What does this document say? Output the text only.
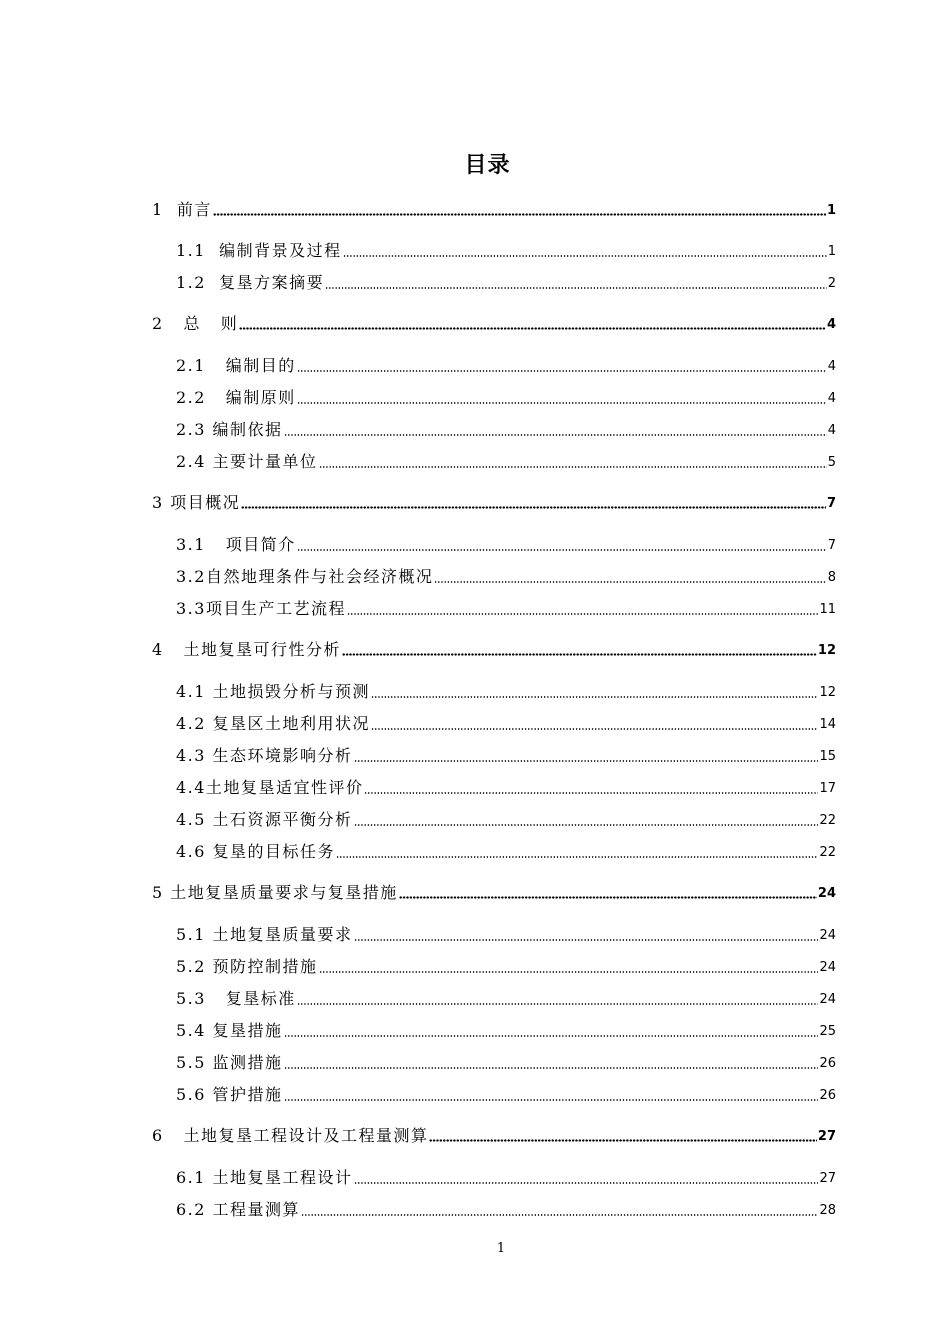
目录
1  前言	1
1.1  编制背景及过程	1
1.2  复垦方案摘要	2
2   总   则	4
2.1   编制目的	4
2.2   编制原则	4
2.3 编制依据	4
2.4 主要计量单位	5
3 项目概况	7
3.1   项目简介	7
3.2自然地理条件与社会经济概况	8
3.3项目生产工艺流程	11
4   土地复垦可行性分析	12
4.1 土地损毁分析与预测	12
4.2 复垦区土地利用状况	14
4.3 生态环境影响分析	15
4.4土地复垦适宜性评价	17
4.5 土石资源平衡分析	22
4.6 复垦的目标任务	22
5 土地复垦质量要求与复垦措施	24
5.1 土地复垦质量要求	24
5.2 预防控制措施	24
5.3   复垦标准	24
5.4 复垦措施	25
5.5 监测措施	26
5.6 管护措施	26
6   土地复垦工程设计及工程量测算	27
6.1 土地复垦工程设计	27
6.2 工程量测算	28
1
